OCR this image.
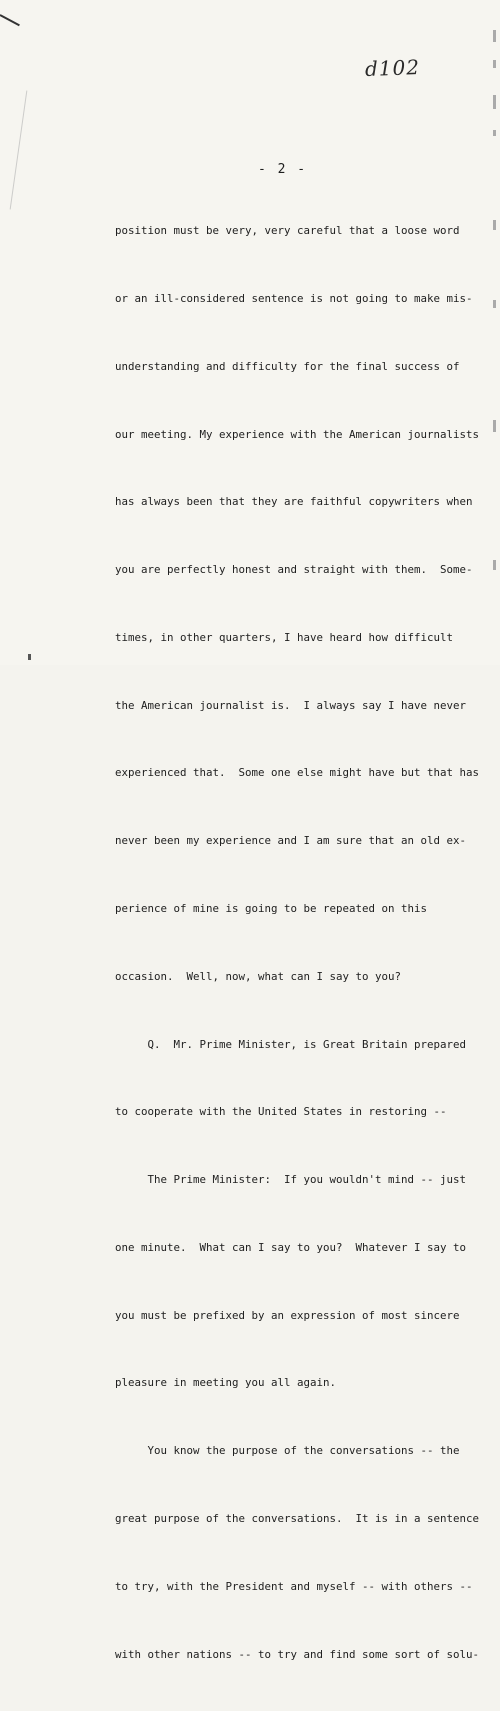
d102
- 2 -

position must be very, very careful that a loose word

or an ill-considered sentence is not going to make mis-

understanding and difficulty for the final success of

our meeting. My experience with the American journalists

has always been that they are faithful copywriters when

you are perfectly honest and straight with them.  Some-

times, in other quarters, I have heard how difficult

the American journalist is.  I always say I have never

experienced that.  Some one else might have but that has

never been my experience and I am sure that an old ex-

perience of mine is going to be repeated on this

occasion.  Well, now, what can I say to you?

Q.  Mr. Prime Minister, is Great Britain prepared

to cooperate with the United States in restoring --

The Prime Minister:  If you wouldn't mind -- just

one minute.  What can I say to you?  Whatever I say to

you must be prefixed by an expression of most sincere

pleasure in meeting you all again.

You know the purpose of the conversations -- the

great purpose of the conversations.  It is in a sentence

to try, with the President and myself -- with others --

with other nations -- to try and find some sort of solu-
